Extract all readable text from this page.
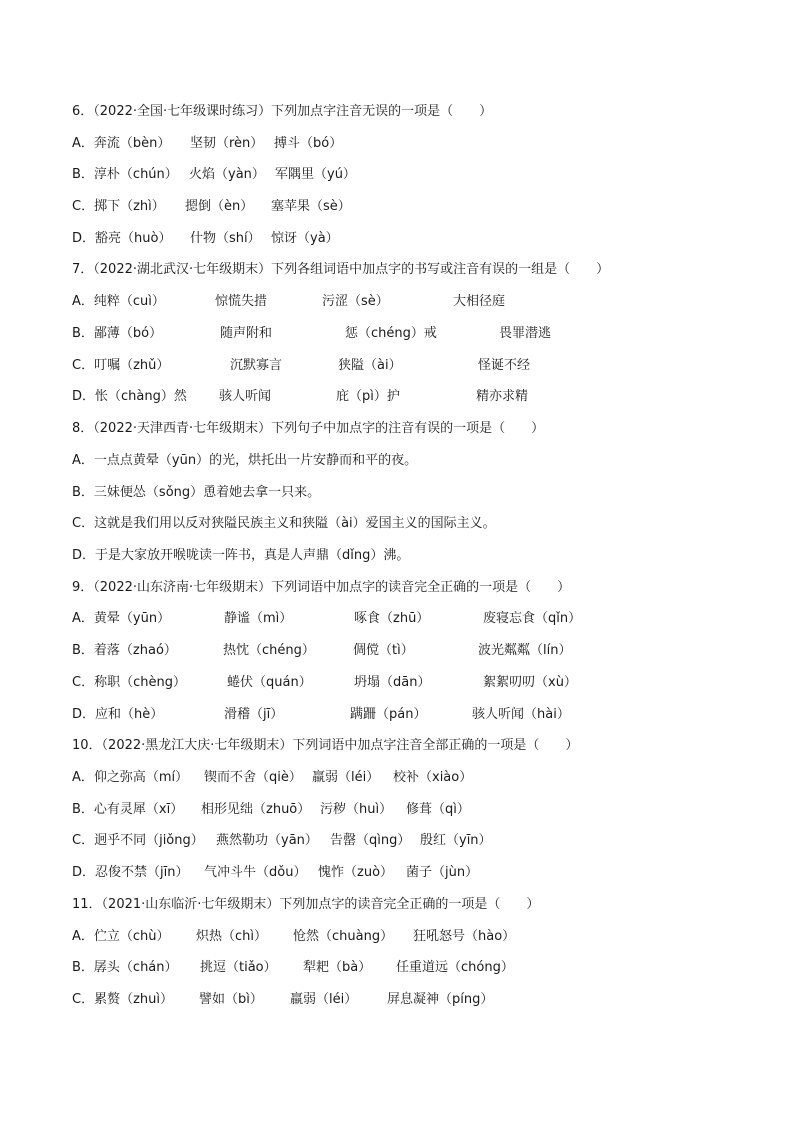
6．（2022·全国·七年级课时练习）下列加点字注音无误的一项是（　　）
A．奔流（bèn） 坚韧（rèn） 搏斗（bó）
B．淳朴（chún） 火焰（yàn） 军隅里（yú）
C．掷下（zhì） 摁倒（èn） 塞苹果（sè）
D．豁亮（huò） 什物（shí） 惊讶（yà）
7．（2022·湖北武汉·七年级期末）下列各组词语中加点字的书写或注音有误的一组是（　　）
A．纯粹（cuì）	惊慌失措	污涩（sè）	大相径庭
B．鄙薄（bó）	随声附和	惩（chéng）戒	畏罪潜逃
C．叮嘱（zhǔ）	沉默寡言	狭隘（ài）	怪诞不经
D．怅（chàng）然 骇人听闻	庇（pì）护	精亦求精
8．（2022·天津西青·七年级期末）下列句子中加点字的注音有误的一项是（　　）
A．一点点黄晕（yūn）的光，烘托出一片安静而和平的夜。
B．三妹便怂（sǒng）恿着她去拿一只来。
C．这就是我们用以反对狭隘民族主义和狭隘（ài）爱国主义的国际主义。
D．于是大家放开喉咙读一阵书，真是人声鼎（dǐng）沸。
9．（2022·山东济南·七年级期末）下列词语中加点字的读音完全正确的一项是（　　）
A．黄晕（yūn）	静谧（mì）	啄食（zhū）	废寝忘食（qǐn）
B．着落（zhaó）	热忱（chéng）	倜傥（tì）	波光粼粼（lín）
C．称职（chèng）	蜷伏（quán）	坍塌（dān）	絮絮叨叨（xù）
D．应和（hè）	滑稽（jī）	蹒跚（pán）	骇人听闻（hài）
10．（2022·黑龙江大庆·七年级期末）下列词语中加点字注音全部正确的一项是（　　）
A．仰之弥高（mí） 锲而不舍（qiè） 羸弱（léi） 校补（xiào）
B．心有灵犀（xī） 相形见绌（zhuō） 污秽（huì） 修葺（qì）
C．迥乎不同（jiǒng） 燕然勒功（yān） 告罄（qìng） 殷红（yīn）
D．忍俊不禁（jīn） 气冲斗牛（dǒu） 愧怍（zuò） 菌子（jùn）
11．（2021·山东临沂·七年级期末）下列加点字的读音完全正确的一项是（　　）
A．伫立（chù） 炽热（chì） 怆然（chuàng） 狂吼怒号（hào）
B．孱头（chán） 挑逗（tiǎo） 犁耙（bà） 任重道远（chóng）
C．累赘（zhuì） 譬如（bì） 羸弱（léi） 屏息凝神（píng）
